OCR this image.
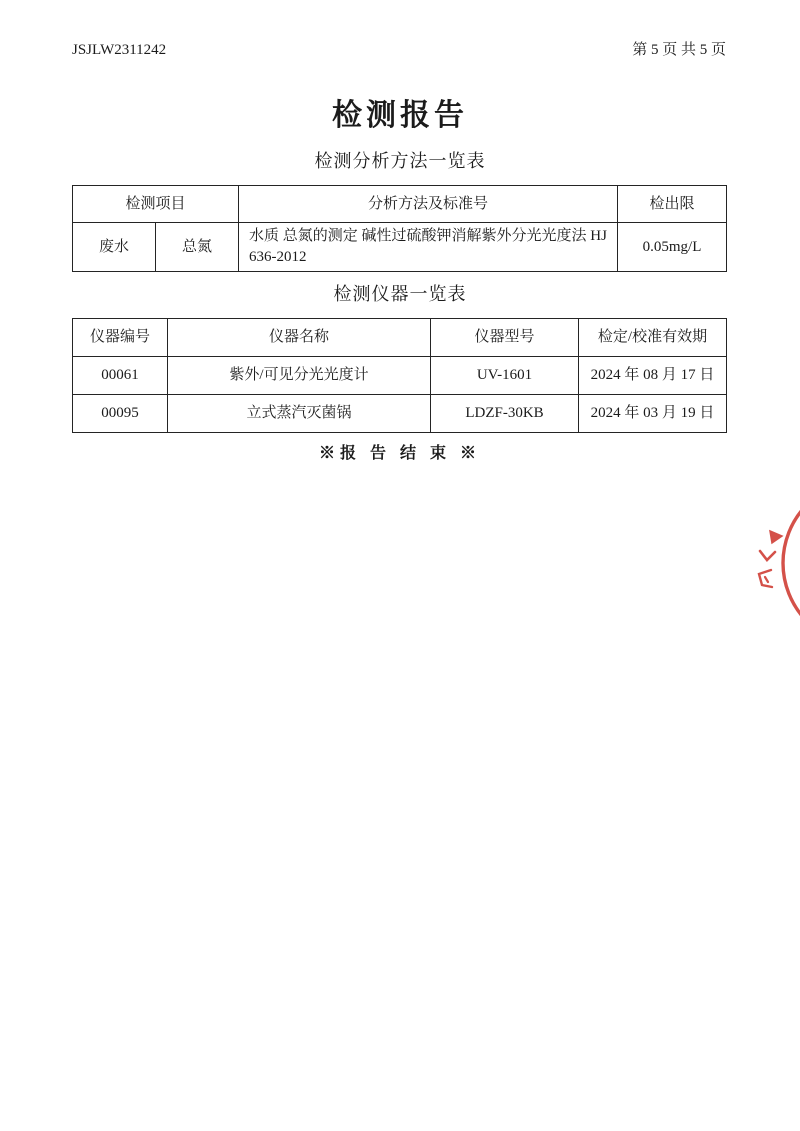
JSJLW2311242	第 5 页 共 5 页
检测报告
检测分析方法一览表
检测项目		分析方法及标准号	检出限
废水	总氮	水质 总氮的测定 碱性过硫酸钾消解紫外分光光度法 HJ 636-2012	0.05mg/L
检测仪器一览表
仪器编号	仪器名称	仪器型号	检定/校准有效期
00061	紫外/可见分光光度计	UV-1601	2024 年 08 月 17 日
00095	立式蒸汽灭菌锅	LDZF-30KB	2024 年 03 月 19 日
※报 告 结 束 ※
